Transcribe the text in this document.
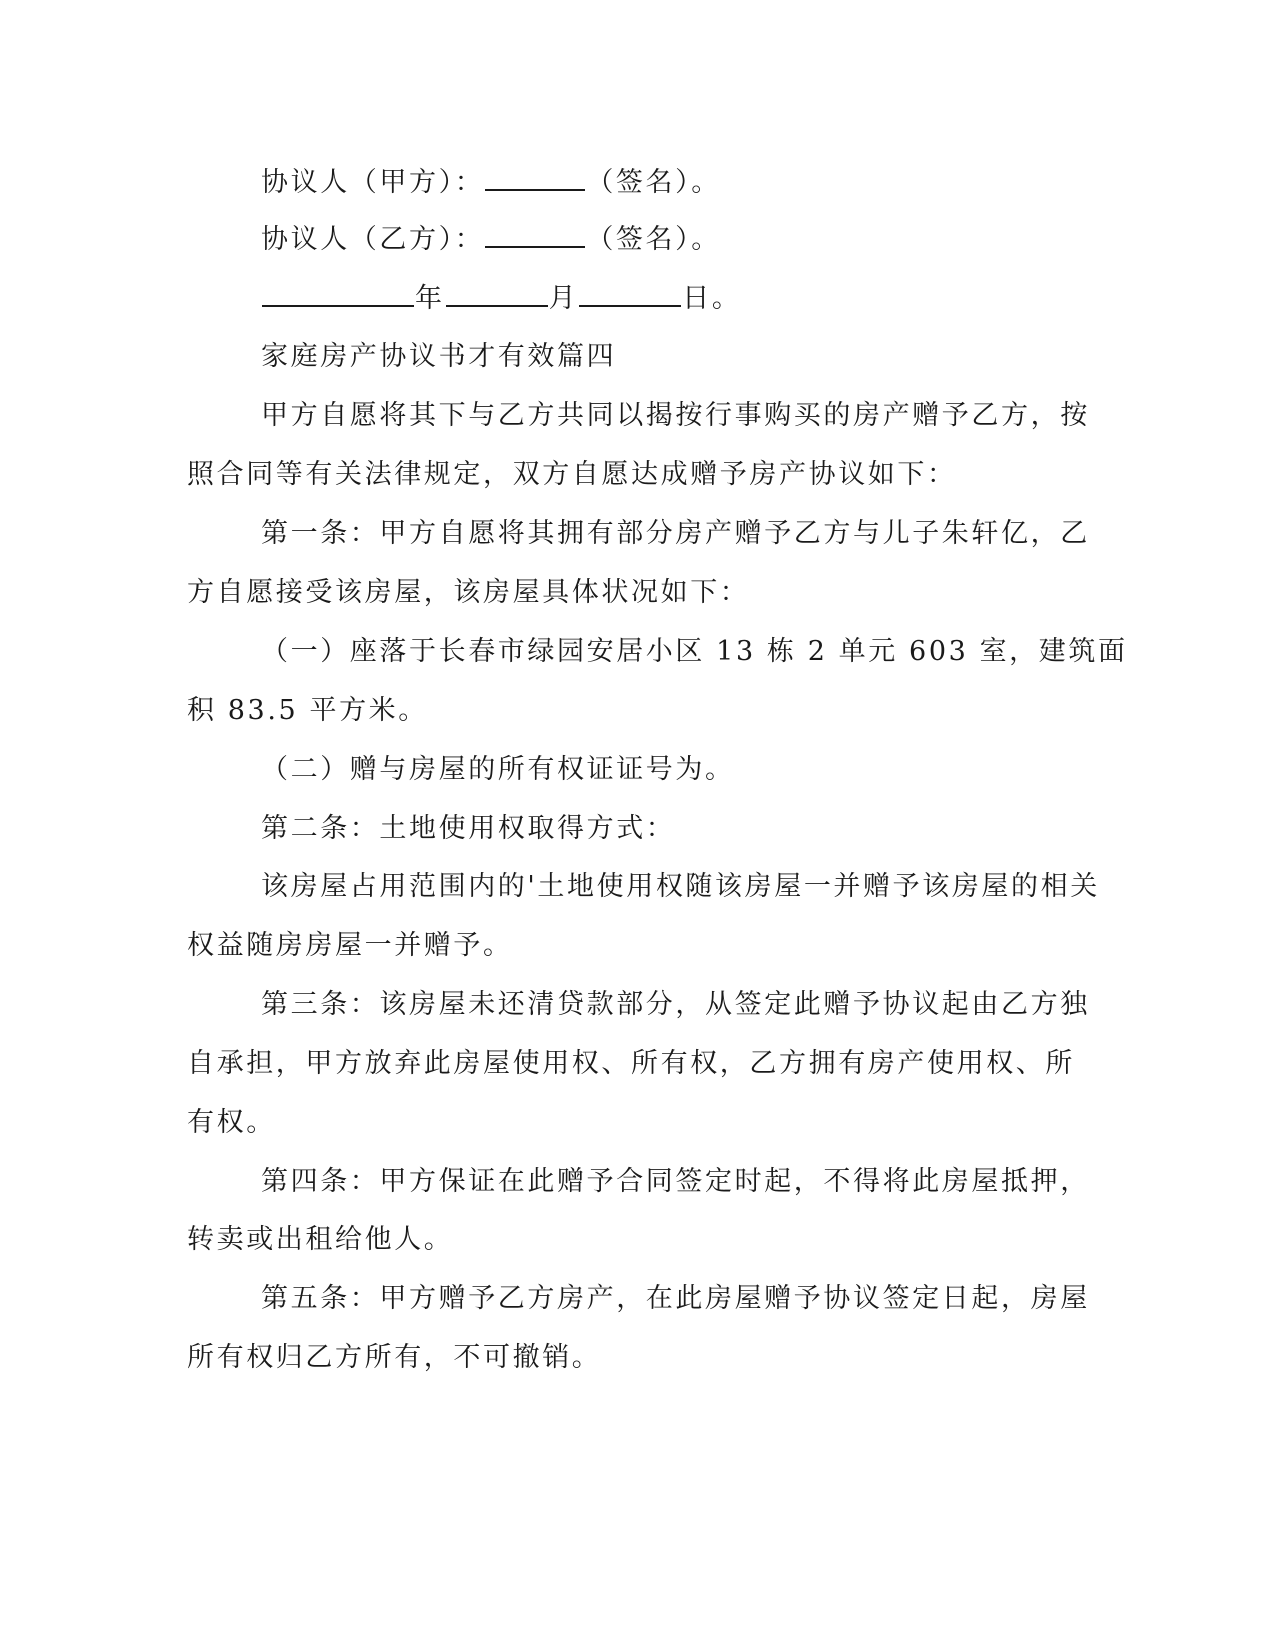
协议人（甲方）：	（签名）。
协议人（乙方）：	（签名）。
年	月	日。
家庭房产协议书才有效篇四
甲方自愿将其下与乙方共同以揭按行事购买的房产赠予乙方，按
照合同等有关法律规定，双方自愿达成赠予房产协议如下：
第一条：甲方自愿将其拥有部分房产赠予乙方与儿子朱轩亿，乙
方自愿接受该房屋，该房屋具体状况如下：
（一）座落于长春市绿园安居小区 13 栋 2 单元 603 室，建筑面
积 83.5 平方米。
（二）赠与房屋的所有权证证号为。
第二条：土地使用权取得方式：
该房屋占用范围内的'土地使用权随该房屋一并赠予该房屋的相关
权益随房房屋一并赠予。
第三条：该房屋未还清贷款部分，从签定此赠予协议起由乙方独
自承担，甲方放弃此房屋使用权、所有权，乙方拥有房产使用权、所
有权。
第四条：甲方保证在此赠予合同签定时起，不得将此房屋抵押，
转卖或出租给他人。
第五条：甲方赠予乙方房产，在此房屋赠予协议签定日起，房屋
所有权归乙方所有，不可撤销。
